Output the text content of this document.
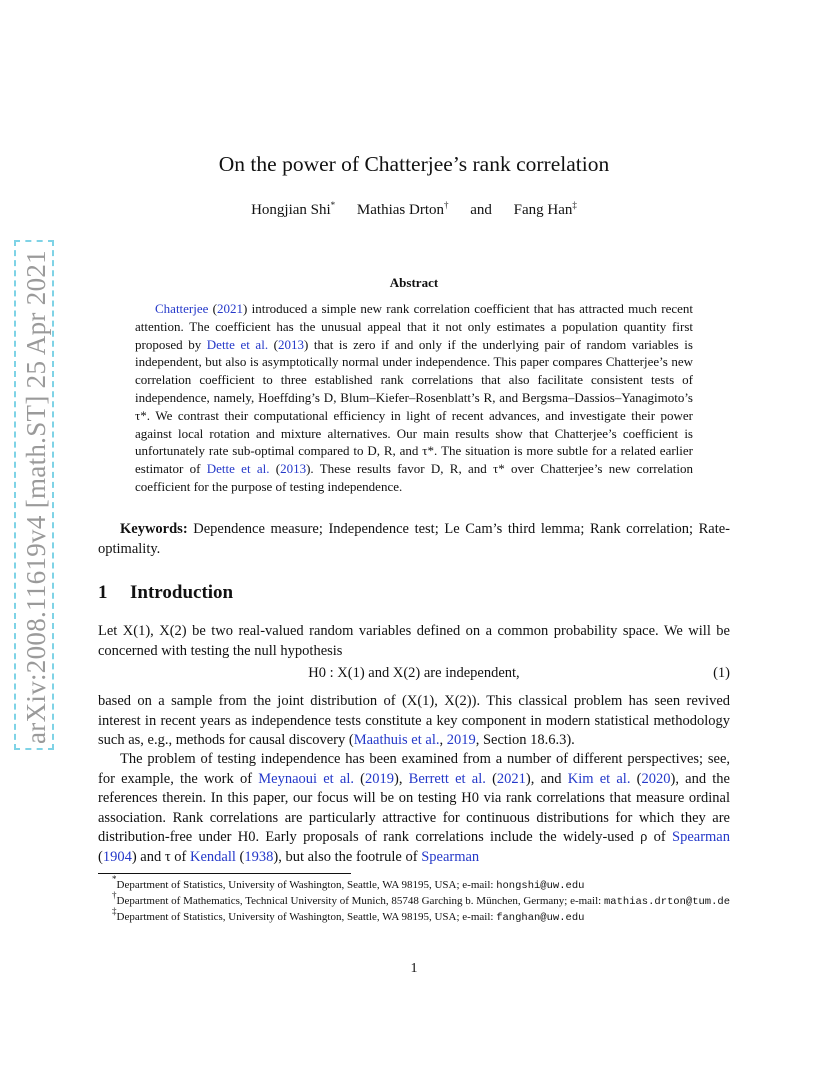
arXiv:2008.11619v4 [math.ST] 25 Apr 2021
On the power of Chatterjee’s rank correlation
Hongjian Shi* Mathias Drton† and Fang Han‡
Abstract
Chatterjee (2021) introduced a simple new rank correlation coefficient that has attracted much recent attention. The coefficient has the unusual appeal that it not only estimates a population quantity first proposed by Dette et al. (2013) that is zero if and only if the underlying pair of random variables is independent, but also is asymptotically normal under independence. This paper compares Chatterjee’s new correlation coefficient to three established rank correlations that also facilitate consistent tests of independence, namely, Hoeffding’s D, Blum–Kiefer–Rosenblatt’s R, and Bergsma–Dassios–Yanagimoto’s τ*. We contrast their computational efficiency in light of recent advances, and investigate their power against local rotation and mixture alternatives. Our main results show that Chatterjee’s coefficient is unfortunately rate sub-optimal compared to D, R, and τ*. The situation is more subtle for a related earlier estimator of Dette et al. (2013). These results favor D, R, and τ* over Chatterjee’s new correlation coefficient for the purpose of testing independence.
Keywords: Dependence measure; Independence test; Le Cam’s third lemma; Rank correlation; Rate-optimality.
1 Introduction
Let X(1), X(2) be two real-valued random variables defined on a common probability space. We will be concerned with testing the null hypothesis
H0 : X(1) and X(2) are independent,	(1)
based on a sample from the joint distribution of (X(1), X(2)). This classical problem has seen revived interest in recent years as independence tests constitute a key component in modern statistical methodology such as, e.g., methods for causal discovery (Maathuis et al., 2019, Section 18.6.3).
The problem of testing independence has been examined from a number of different perspectives; see, for example, the work of Meynaoui et al. (2019), Berrett et al. (2021), and Kim et al. (2020), and the references therein. In this paper, our focus will be on testing H0 via rank correlations that measure ordinal association. Rank correlations are particularly attractive for continuous distributions for which they are distribution-free under H0. Early proposals of rank correlations include the widely-used ρ of Spearman (1904) and τ of Kendall (1938), but also the footrule of Spearman

*Department of Statistics, University of Washington, Seattle, WA 98195, USA; e-mail: hongshi@uw.edu

†Department of Mathematics, Technical University of Munich, 85748 Garching b. München, Germany; e-mail: mathias.drton@tum.de

‡Department of Statistics, University of Washington, Seattle, WA 98195, USA; e-mail: fanghan@uw.edu

1
